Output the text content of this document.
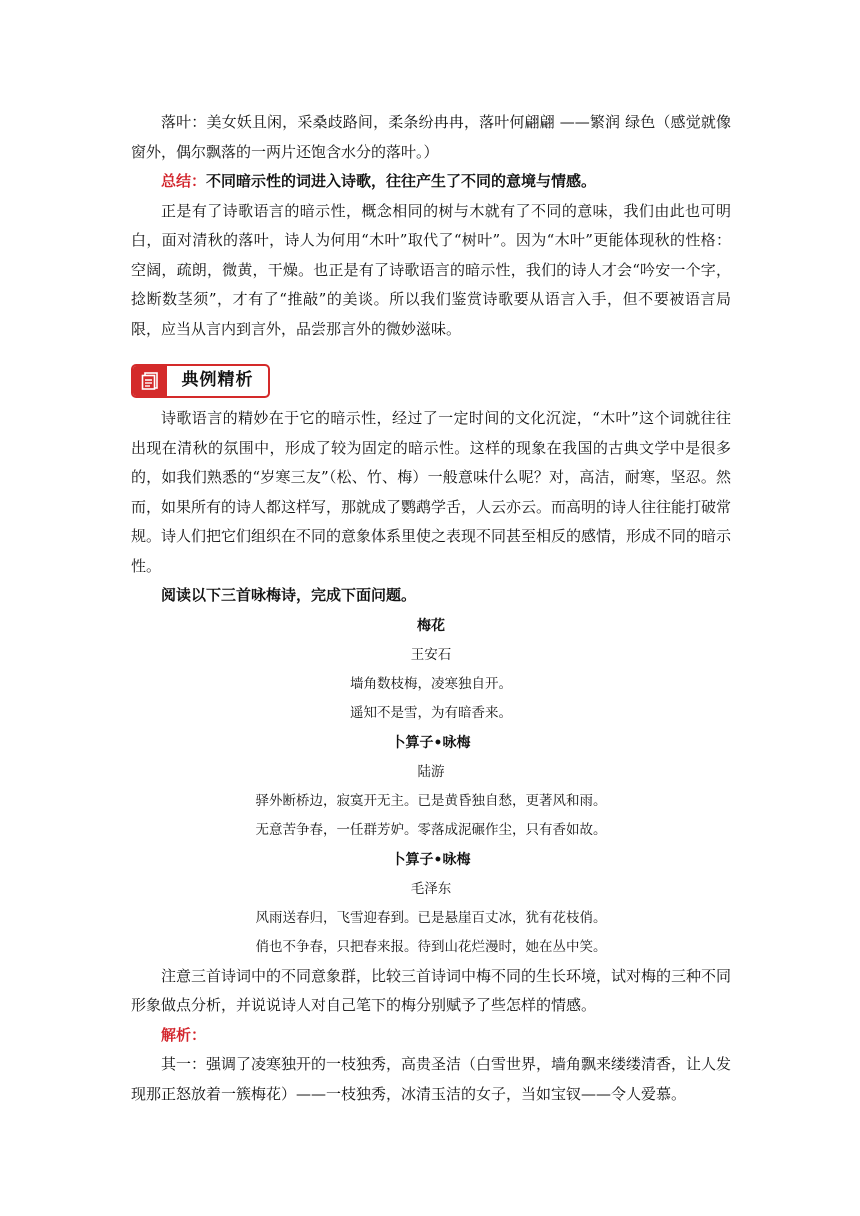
落叶：美女妖且闲，采桑歧路间，柔条纷冉冉，落叶何翩翩 ——繁润 绿色（感觉就像窗外，偶尔飘落的一两片还饱含水分的落叶。）

总结：不同暗示性的词进入诗歌，往往产生了不同的意境与情感。

正是有了诗歌语言的暗示性，概念相同的树与木就有了不同的意味，我们由此也可明白，面对清秋的落叶，诗人为何用“木叶”取代了“树叶”。因为“木叶”更能体现秋的性格：空阔，疏朗，微黄，干燥。也正是有了诗歌语言的暗示性，我们的诗人才会“吟安一个字，捻断数茎须”，才有了“推敲”的美谈。所以我们鉴赏诗歌要从语言入手，但不要被语言局限，应当从言内到言外，品尝那言外的微妙滋味。

典例精析

诗歌语言的精妙在于它的暗示性，经过了一定时间的文化沉淀，“木叶”这个词就往往出现在清秋的氛围中，形成了较为固定的暗示性。这样的现象在我国的古典文学中是很多的，如我们熟悉的“岁寒三友”（松、竹、梅）一般意味什么呢？对，高洁，耐寒，坚忍。然而，如果所有的诗人都这样写，那就成了鹦鹉学舌，人云亦云。而高明的诗人往往能打破常规。诗人们把它们组织在不同的意象体系里使之表现不同甚至相反的感情，形成不同的暗示性。

阅读以下三首咏梅诗，完成下面问题。

梅花

王安石

墙角数枝梅，凌寒独自开。

遥知不是雪，为有暗香来。

卜算子•咏梅

陆游

驿外断桥边，寂寞开无主。已是黄昏独自愁，更著风和雨。

无意苦争春，一任群芳妒。零落成泥碾作尘，只有香如故。

卜算子•咏梅

毛泽东

风雨送春归，飞雪迎春到。已是悬崖百丈冰，犹有花枝俏。

俏也不争春，只把春来报。待到山花烂漫时，她在丛中笑。

注意三首诗词中的不同意象群，比较三首诗词中梅不同的生长环境，试对梅的三种不同形象做点分析，并说说诗人对自己笔下的梅分别赋予了些怎样的情感。

解析：

其一：强调了凌寒独开的一枝独秀，高贵圣洁（白雪世界，墙角飘来缕缕清香，让人发现那正怒放着一簇梅花）——一枝独秀，冰清玉洁的女子，当如宝钗——令人爱慕。
